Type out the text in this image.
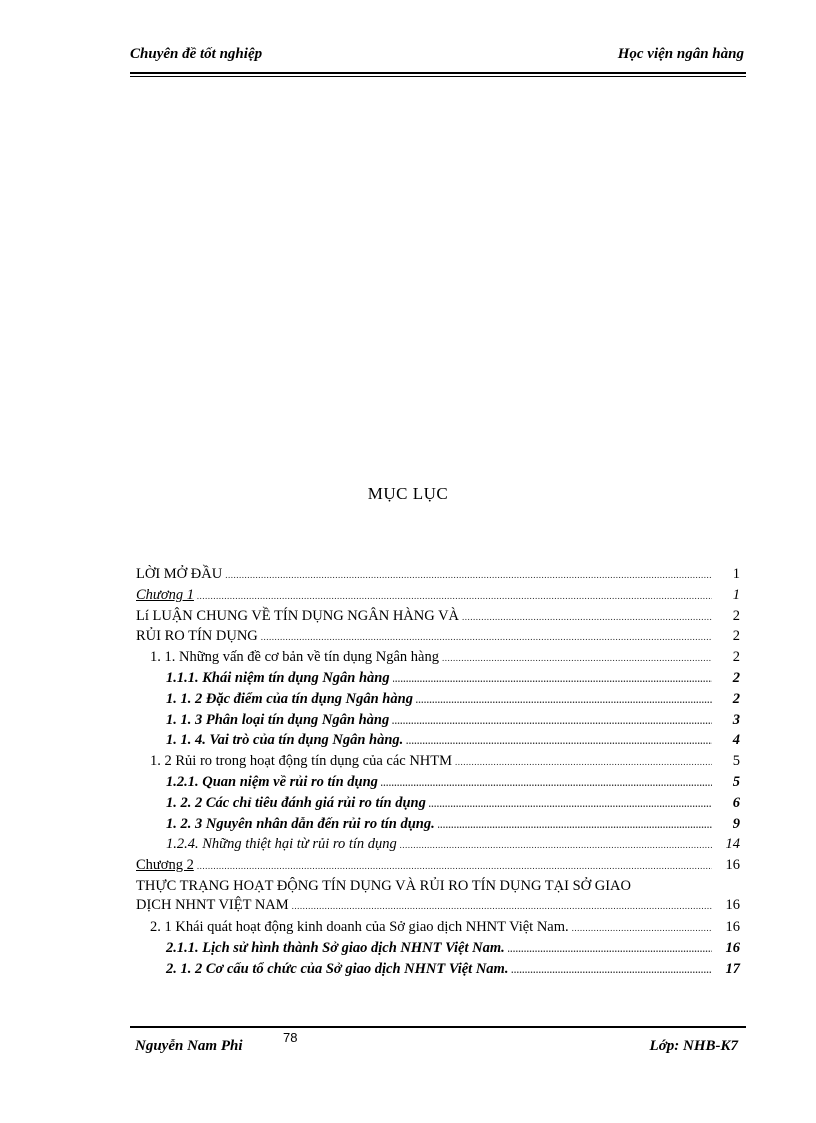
Chuyên đề tốt nghiệp	Học viện ngân hàng
MỤC LỤC
LỜI MỞ ĐẦU .....	1
Chương 1 .....	1
Lí LUẬN CHUNG VỀ TÍN DỤNG NGÂN HÀNG VÀ .....	2
RỦI RO TÍN DỤNG .....	2
1. 1. Những vấn đề cơ bản về tín dụng Ngân hàng .....	2
1.1.1. Khái niệm tín dụng Ngân hàng .....	2
1. 1. 2 Đặc điểm của tín dụng Ngân hàng .....	2
1. 1. 3 Phân loại tín dụng Ngân hàng .....	3
1. 1. 4. Vai trò của tín dụng Ngân hàng. .....	4
1. 2 Rủi ro trong hoạt động tín dụng của các NHTM .....	5
1.2.1. Quan niệm về rủi ro tín dụng .....	5
1. 2. 2 Các chỉ tiêu đánh giá rủi ro tín dụng .....	6
1. 2. 3 Nguyên nhân dẫn đến rủi ro tín dụng. .....	9
1.2.4. Những thiệt hại từ rủi ro tín dụng .....	14
Chương 2 .....	16
THỰC TRẠNG HOẠT ĐỘNG TÍN DỤNG VÀ RỦI RO TÍN DỤNG TẠI SỞ GIAO
DỊCH NHNT VIỆT NAM .....	16
2. 1 Khái quát hoạt động kinh doanh của Sở giao dịch NHNT Việt Nam. .....	16
2.1.1. Lịch sử hình thành Sở giao dịch NHNT Việt Nam. .....	16
2. 1. 2 Cơ cấu tổ chức của Sở giao dịch NHNT Việt Nam. .....	17
Nguyễn Nam Phi
78
Lớp: NHB-K7
